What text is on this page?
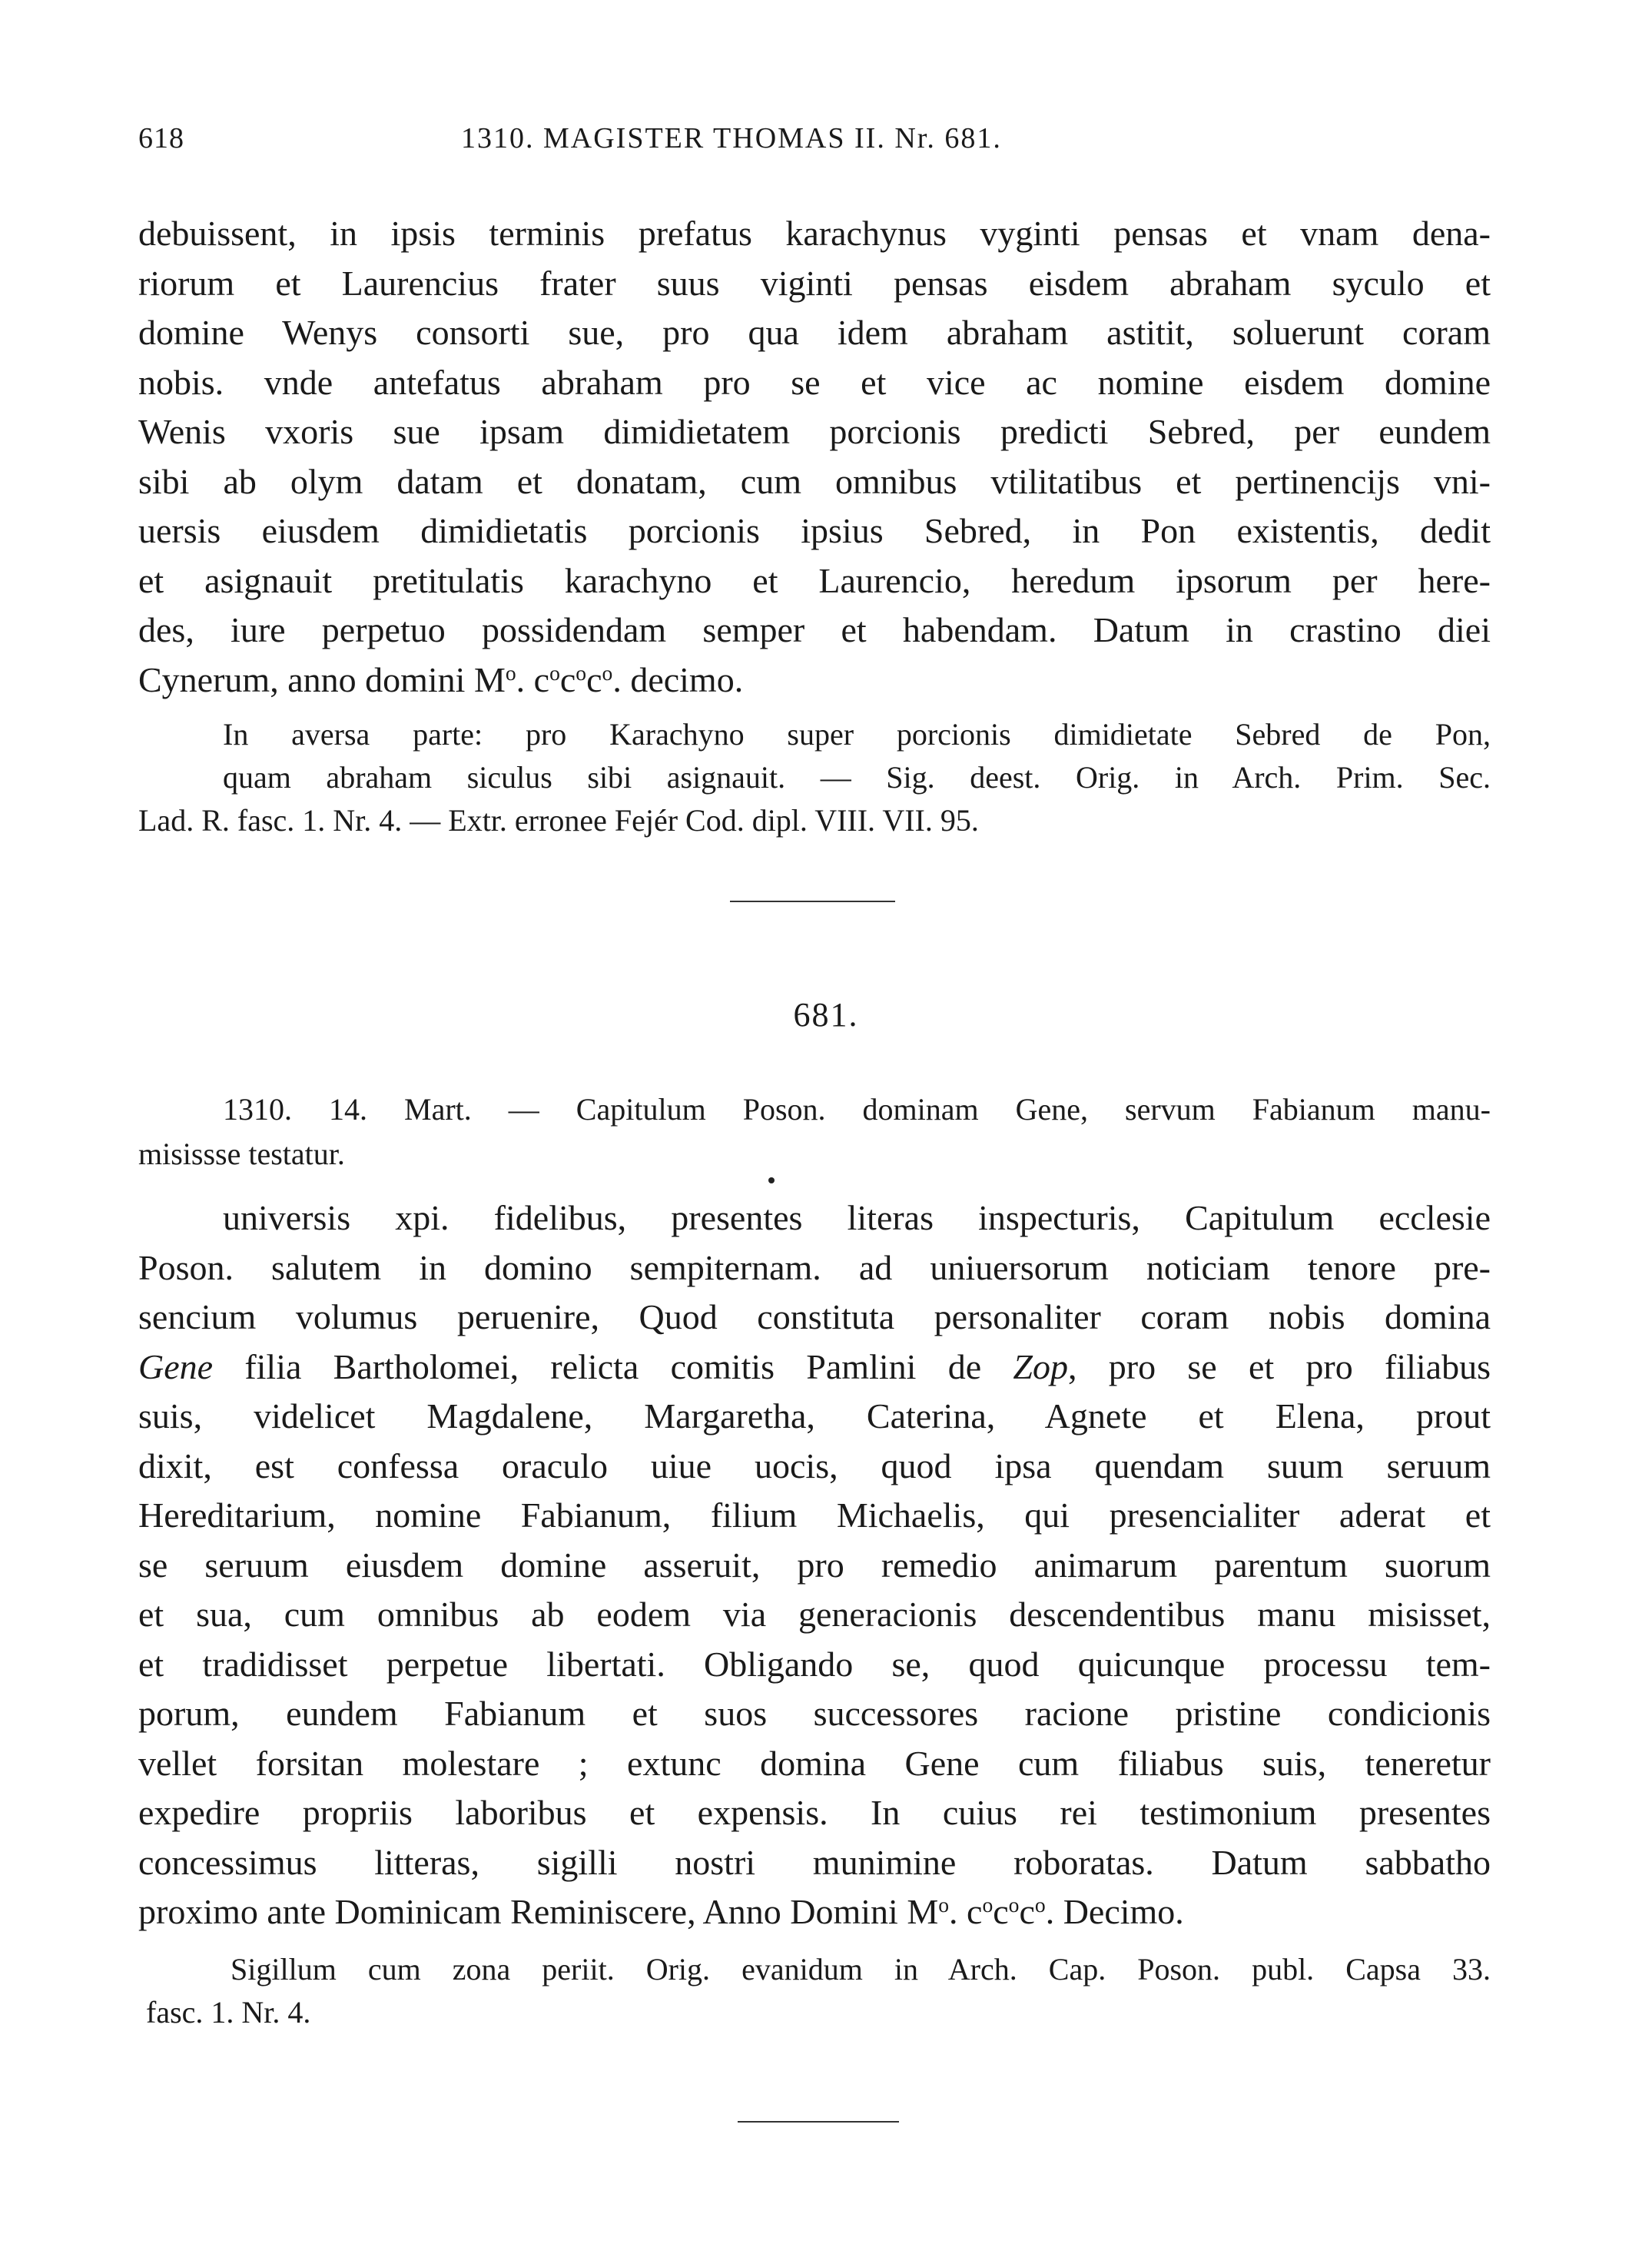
618	1310. MAGISTER THOMAS II. Nr. 681.
debuissent, in ipsis terminis prefatus karachynus vyginti pensas et vnam dena-
riorum et Laurencius frater suus viginti pensas eisdem abraham syculo et
domine Wenys consorti sue, pro qua idem abraham astitit, soluerunt coram
nobis. vnde antefatus abraham pro se et vice ac nomine eisdem domine
Wenis vxoris sue ipsam dimidietatem porcionis predicti Sebred, per eundem
sibi ab olym datam et donatam, cum omnibus vtilitatibus et pertinencijs vni-
uersis eiusdem dimidietatis porcionis ipsius Sebred, in Pon existentis, dedit
et asignauit pretitulatis karachyno et Laurencio, heredum ipsorum per here-
des, iure perpetuo possidendam semper et habendam. Datum in crastino diei
Cynerum, anno domini $M^o$. $c^oc^oc^o$. decimo.
In aversa parte: pro Karachyno super porcionis dimidietate Sebred de Pon,
quam abraham siculus sibi asignauit. — Sig. deest. Orig. in Arch. Prim. Sec.
Lad. R. fasc. 1. Nr. 4. — Extr. erronee Fejér Cod. dipl. VIII. VII. 95.
681.
1310. 14. Mart. — Capitulum Poson. dominam Gene, servum Fabianum manu-
misissse testatur.
universis xpi. fidelibus, presentes literas inspecturis, Capitulum ecclesie
Poson. salutem in domino sempiternam. ad uniuersorum noticiam tenore pre-
sencium volumus peruenire, Quod constituta personaliter coram nobis domina
Gene filia Bartholomei, relicta comitis Pamlini de Zop, pro se et pro filiabus
suis, videlicet Magdalene, Margaretha, Caterina, Agnete et Elena, prout
dixit, est confessa oraculo uiue uocis, quod ipsa quendam suum seruum
Hereditarium, nomine Fabianum, filium Michaelis, qui presencialiter aderat et
se seruum eiusdem domine asseruit, pro remedio animarum parentum suorum
et sua, cum omnibus ab eodem via generacionis descendentibus manu misisset,
et tradidisset perpetue libertati. Obligando se, quod quicunque processu tem-
porum, eundem Fabianum et suos successores racione pristine condicionis
vellet forsitan molestare ; extunc domina Gene cum filiabus suis, teneretur
expedire propriis laboribus et expensis. In cuius rei testimonium presentes
concessimus litteras, sigilli nostri munimine roboratas. Datum sabbatho
proximo ante Dominicam Reminiscere, Anno Domini $M^o$. $c^oc^oc^o$. Decimo.
Sigillum cum zona periit. Orig. evanidum in Arch. Cap. Poson. publ. Capsa 33.
fasc. 1. Nr. 4.
